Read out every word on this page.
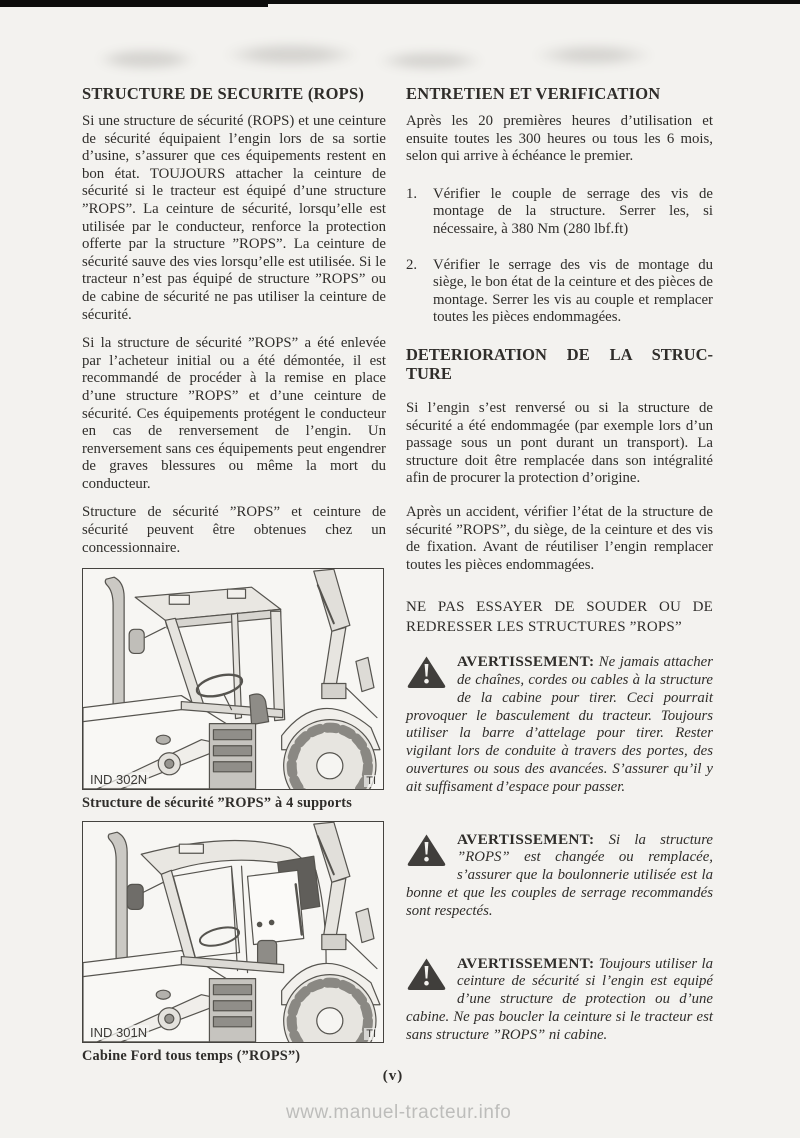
STRUCTURE DE SECURITE (ROPS)

Si une structure de sécurité (ROPS) et une ceinture de sécurité équipaient l’engin lors de sa sortie d’usine, s’assurer que ces équipements restent en bon état. TOUJOURS attacher la ceinture de sécurité si le tracteur est équipé d’une structure ”ROPS”. La ceinture de sécurité, lorsqu’elle est utilisée par le conducteur, renforce la protection offerte par la structure ”ROPS”. La ceinture de sécurité sauve des vies lorsqu’elle est utilisée. Si le tracteur n’est pas équipé de structure ”ROPS” ou de cabine de sécurité ne pas utiliser la ceinture de sécurité.

Si la structure de sécurité ”ROPS” a été enlevée par l’acheteur initial ou a été démontée, il est recommandé de procéder à la remise en place d’une structure ”ROPS” et d’une ceinture de sécurité. Ces équipements protégent le conducteur en cas de renversement de l’engin. Un renversement sans ces équipements peut engendrer de graves blessures ou même la mort du conducteur.

Structure de sécurité ”ROPS” et ceinture de sécurité peuvent être obtenues chez un concessionnaire.

IND 302N	TI
Structure de sécurité ”ROPS” à 4 supports
IND 301N	TI
Cabine Ford tous temps (”ROPS”)
ENTRETIEN ET VERIFICATION

Après les 20 premières heures d’utilisation et ensuite toutes les 300 heures ou tous les 6 mois, selon qui arrive à échéance le premier.

1.	Vérifier le couple de serrage des vis de montage de la structure. Serrer les, si nécessaire, à 380 Nm (280 lbf.ft)
2.	Vérifier le serrage des vis de montage du siège, le bon état de la ceinture et des pièces de montage. Serrer les vis au couple et remplacer toutes les pièces endommagées.
DETERIORATION DE LA STRUC-
TURE

Si l’engin s’est renversé ou si la structure de sécurité a été endommagée (par exemple lors d’un passage sous un pont durant un transport). La structure doit être remplacée dans son intégralité afin de procurer la protection d’origine.

Après un accident, vérifier l’état de la structure de sécurité ”ROPS”, du siège, de la ceinture et des vis de fixation. Avant de réutiliser l’engin remplacer toutes les pièces endommagées.

NE PAS ESSAYER DE SOUDER OU DE
REDRESSER LES STRUCTURES ”ROPS”
AVERTISSEMENT: Ne jamais attacher de chaînes, cordes ou cables à la structure de la cabine pour tirer. Ceci pourrait provoquer le basculement du tracteur. Toujours utiliser la barre d’attelage pour tirer. Rester vigilant lors de conduite à travers des portes, des ouvertures ou sous des avancées. S’assurer qu’il y ait suffisament d’espace pour passer.
AVERTISSEMENT: Si la structure ”ROPS” est changée ou remplacée, s’assurer que la boulonnerie utilisée est la bonne et que les couples de serrage recommandés sont respectés.
AVERTISSEMENT: Toujours utiliser la ceinture de sécurité si l’engin est equipé d’une structure de protection ou d’une cabine. Ne pas boucler la ceinture si le tracteur est sans structure ”ROPS” ni cabine.
(v)
www.manuel-tracteur.info
